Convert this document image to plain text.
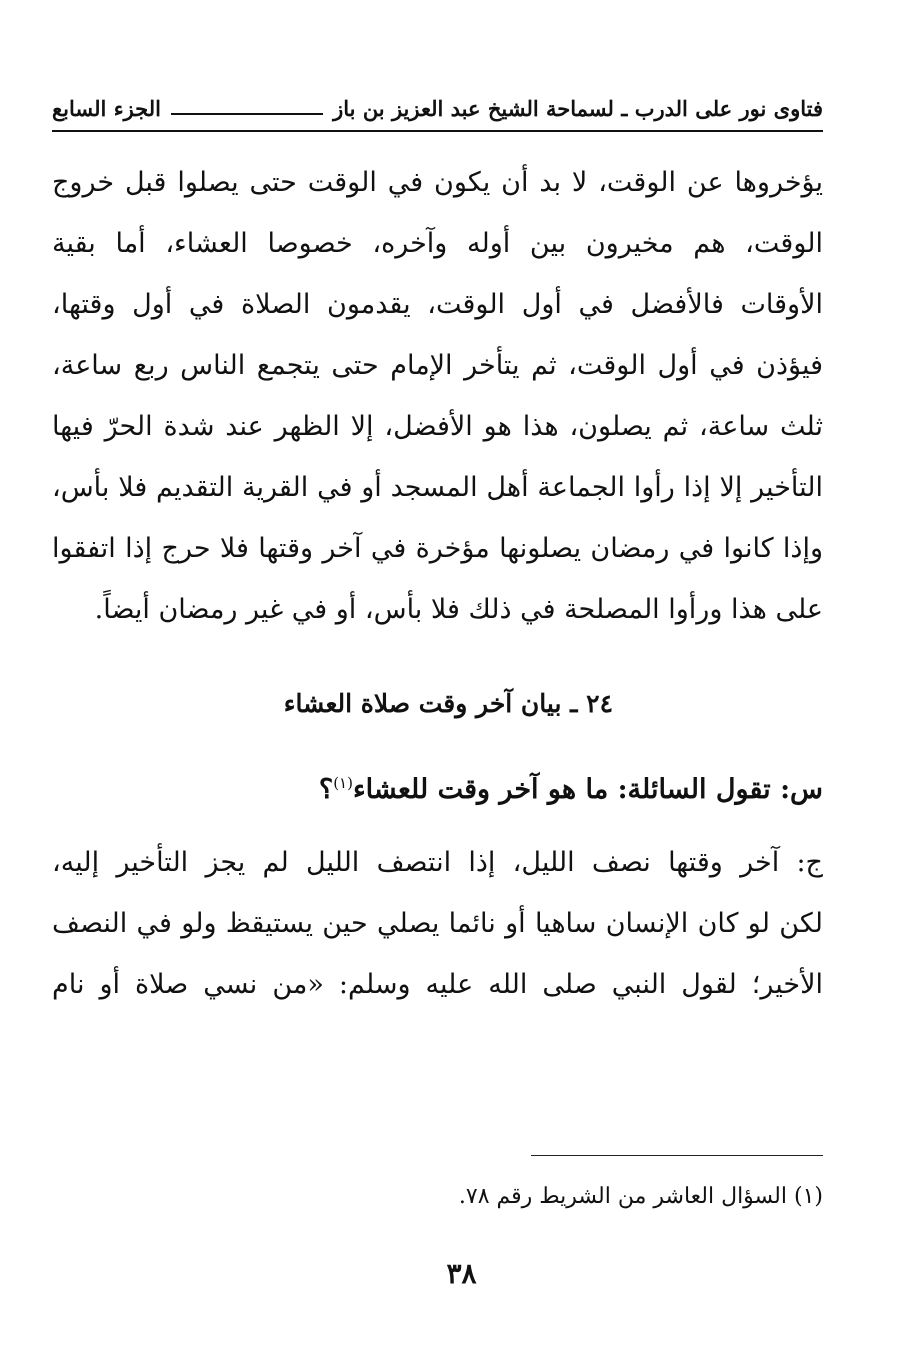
فتاوى نور على الدرب ـ لسماحة الشيخ عبد العزيز بن باز
الجزء السابع
يؤخروها عن الوقت، لا بد أن يكون في الوقت حتى يصلوا قبل خروج
الوقت، هم مخيرون بين أوله وآخره، خصوصا العشاء، أما بقية
الأوقات فالأفضل في أول الوقت، يقدمون الصلاة في أول وقتها،
فيؤذن في أول الوقت، ثم يتأخر الإمام حتى يتجمع الناس ربع ساعة،
ثلث ساعة، ثم يصلون، هذا هو الأفضل، إلا الظهر عند شدة الحرّ فيها
التأخير إلا إذا رأوا الجماعة أهل المسجد أو في القرية التقديم فلا بأس،
وإذا كانوا في رمضان يصلونها مؤخرة في آخر وقتها فلا حرج إذا اتفقوا
على هذا ورأوا المصلحة في ذلك فلا بأس، أو في غير رمضان أيضاً.
٢٤ ـ بيان آخر وقت صلاة العشاء
س: تقول السائلة: ما هو آخر وقت للعشاء$^{(١)}$؟
ج: آخر وقتها نصف الليل، إذا انتصف الليل لم يجز التأخير إليه،
لكن لو كان الإنسان ساهيا أو نائما يصلي حين يستيقظ ولو في النصف
الأخير؛ لقول النبي صلى الله عليه وسلم: «من نسي صلاة أو نام
(١) السؤال العاشر من الشريط رقم ٧٨.
٣٨
